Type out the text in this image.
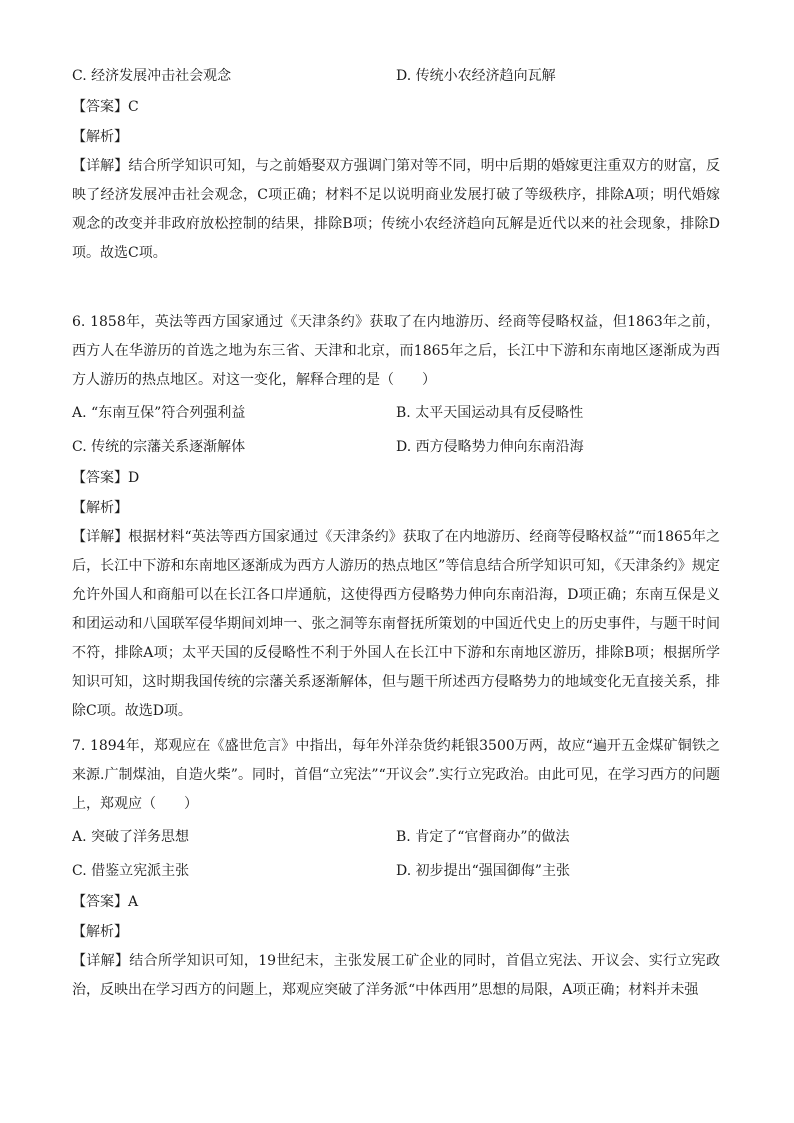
C. 经济发展冲击社会观念	D. 传统小农经济趋向瓦解
【答案】C
【解析】
【详解】结合所学知识可知，与之前婚娶双方强调门第对等不同，明中后期的婚嫁更注重双方的财富，反映了经济发展冲击社会观念，C项正确；材料不足以说明商业发展打破了等级秩序，排除A项；明代婚嫁观念的改变并非政府放松控制的结果，排除B项；传统小农经济趋向瓦解是近代以来的社会现象，排除D项。故选C项。
6. 1858年，英法等西方国家通过《天津条约》获取了在内地游历、经商等侵略权益，但1863年之前，西方人在华游历的首选之地为东三省、天津和北京，而1865年之后，长江中下游和东南地区逐渐成为西方人游历的热点地区。对这一变化，解释合理的是（　　）
A. “东南互保”符合列强利益	B. 太平天国运动具有反侵略性
C. 传统的宗藩关系逐渐解体	D. 西方侵略势力伸向东南沿海
【答案】D
【解析】
【详解】根据材料“英法等西方国家通过《天津条约》获取了在内地游历、经商等侵略权益”“而1865年之后，长江中下游和东南地区逐渐成为西方人游历的热点地区”等信息结合所学知识可知，《天津条约》规定允许外国人和商船可以在长江各口岸通航，这使得西方侵略势力伸向东南沿海，D项正确；东南互保是义和团运动和八国联军侵华期间刘坤一、张之洞等东南督抚所策划的中国近代史上的历史事件，与题干时间不符，排除A项；太平天国的反侵略性不利于外国人在长江中下游和东南地区游历，排除B项；根据所学知识可知，这时期我国传统的宗藩关系逐渐解体，但与题干所述西方侵略势力的地域变化无直接关系，排除C项。故选D项。
7. 1894年，郑观应在《盛世危言》中指出，每年外洋杂货约耗银3500万两，故应“遍开五金煤矿铜铁之来源.广制煤油，自造火柴”。同时，首倡“立宪法”“开议会”.实行立宪政治。由此可见，在学习西方的问题上，郑观应（　　）
A. 突破了洋务思想	B. 肯定了“官督商办”的做法
C. 借鉴立宪派主张	D. 初步提出“强国御侮”主张
【答案】A
【解析】
【详解】结合所学知识可知，19世纪末，主张发展工矿企业的同时，首倡立宪法、开议会、实行立宪政治，反映出在学习西方的问题上，郑观应突破了洋务派“中体西用”思想的局限，A项正确；材料并未强
